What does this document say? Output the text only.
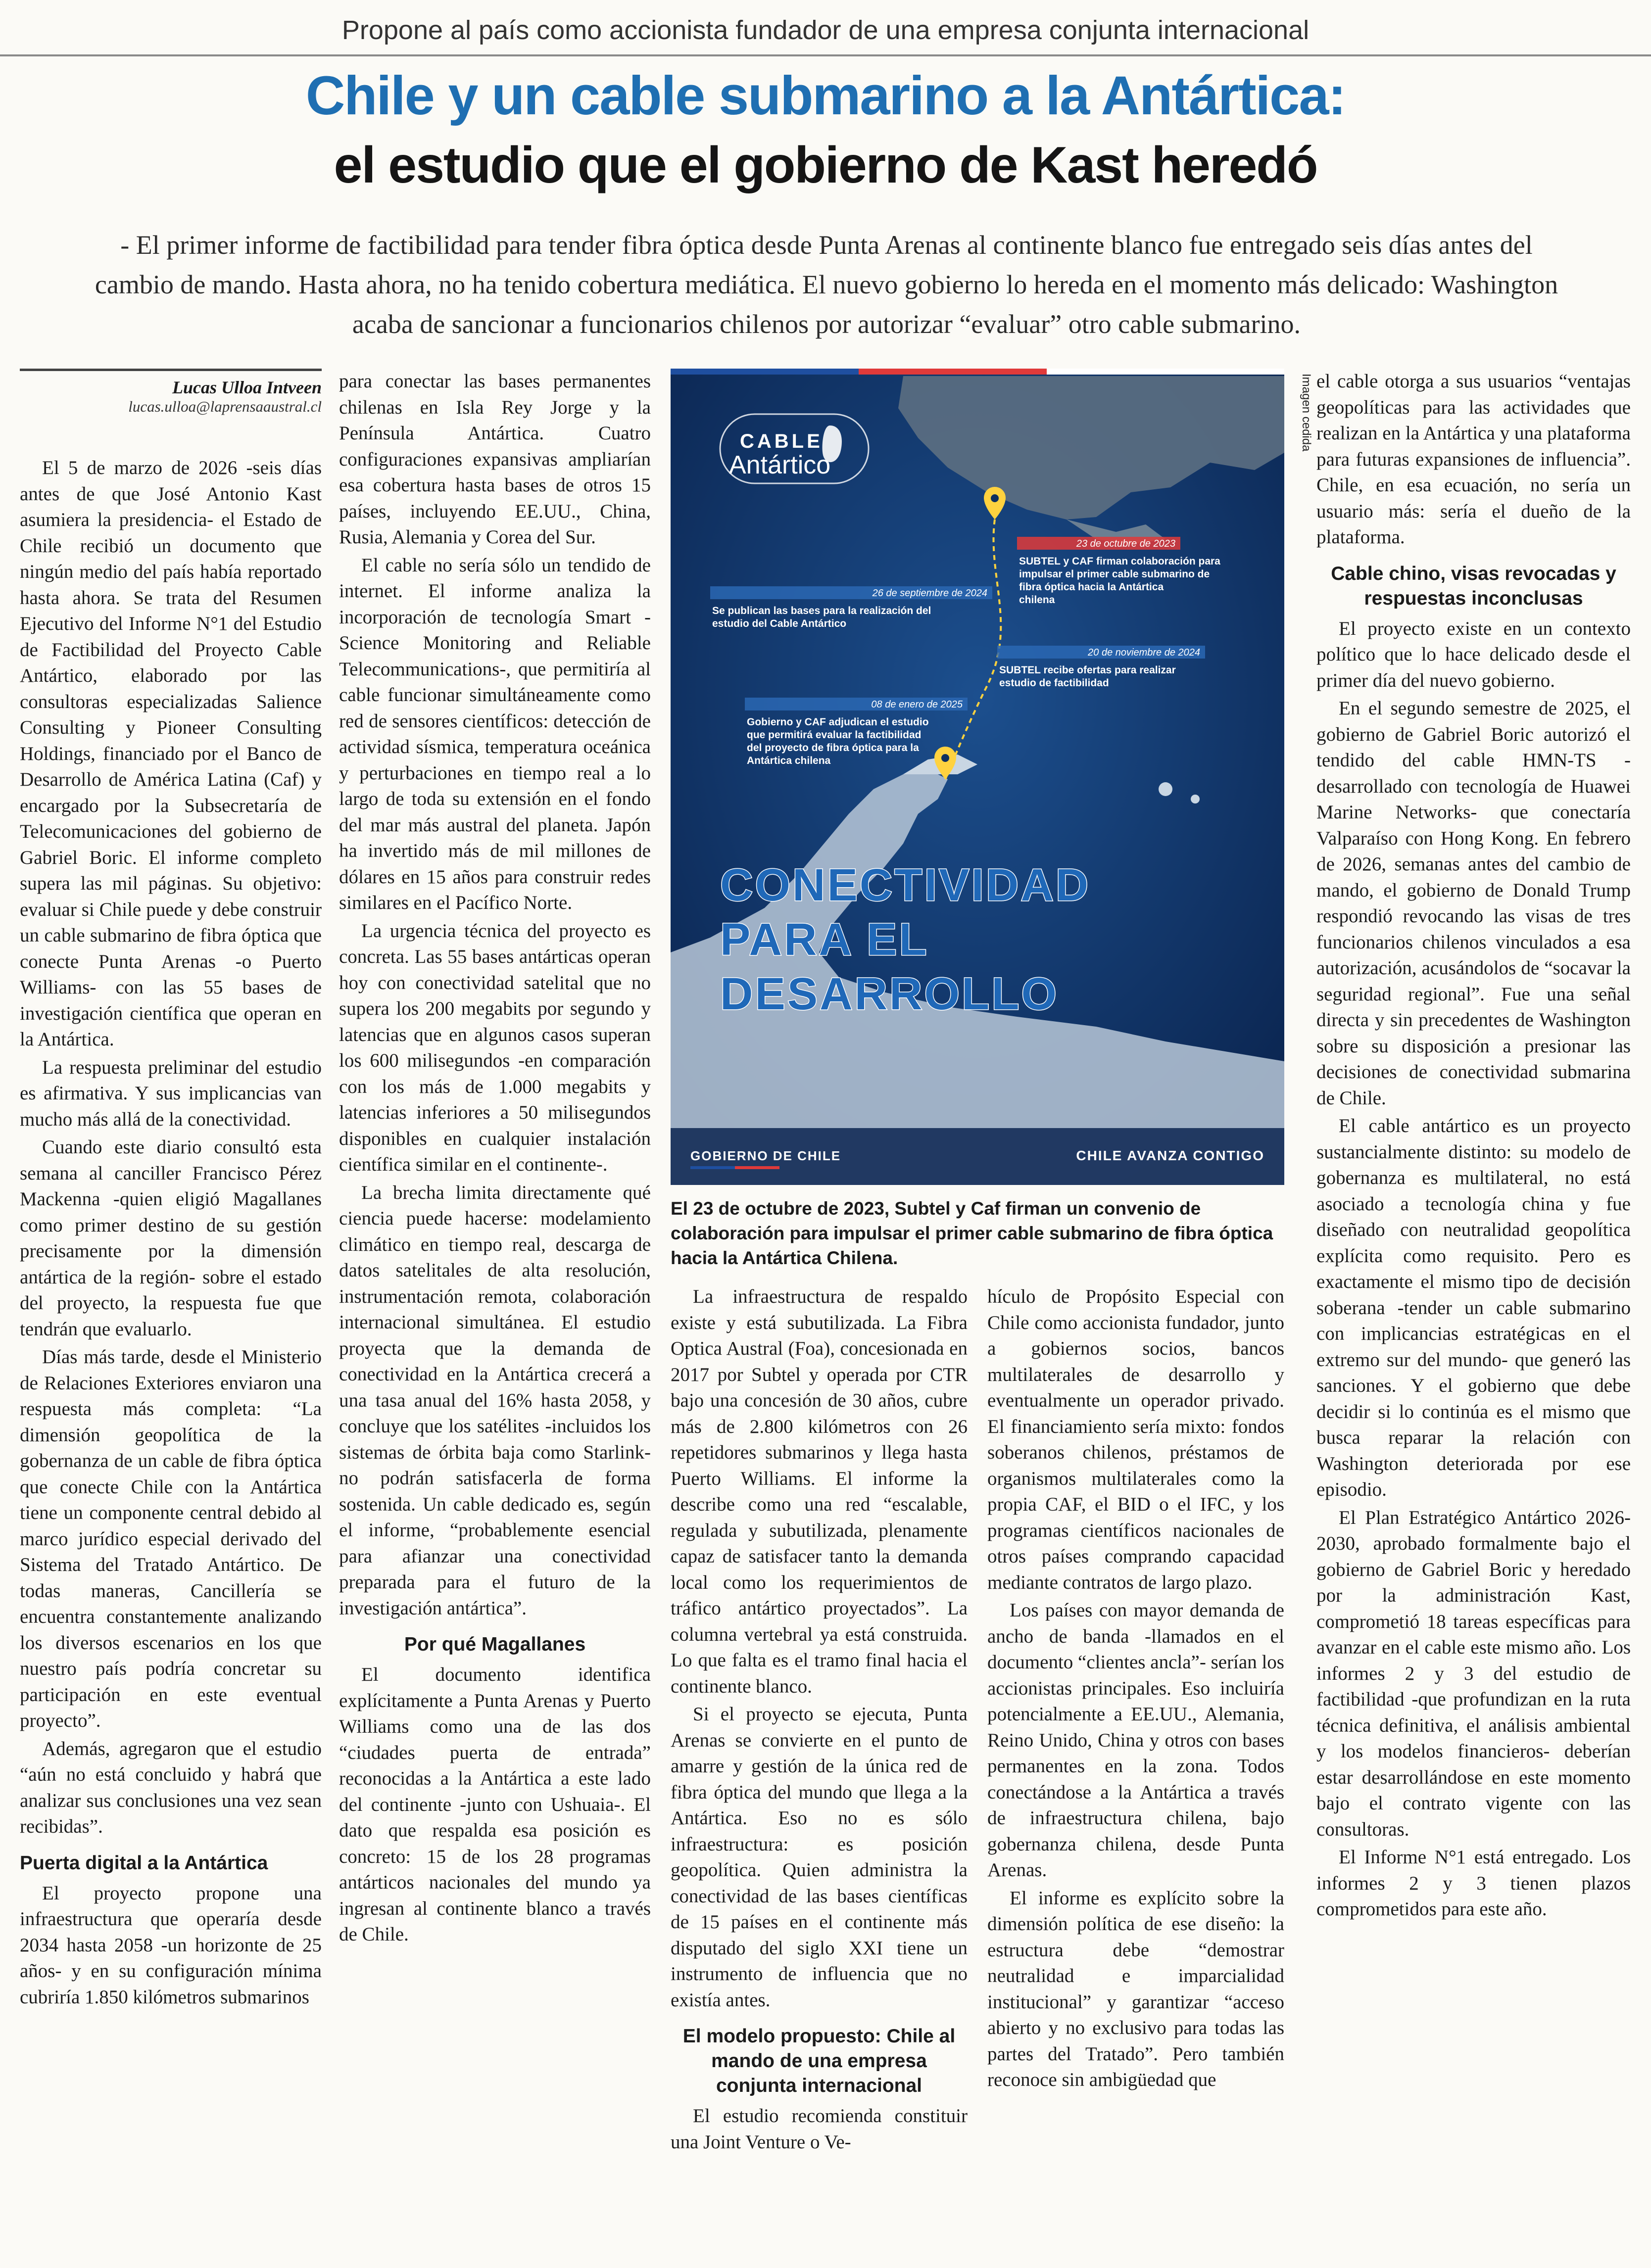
Propone al país como accionista fundador de una empresa conjunta internacional
Chile y un cable submarino a la Antártica:
el estudio que el gobierno de Kast heredó
- El primer informe de factibilidad para tender fibra óptica desde Punta Arenas al continente blanco fue entregado seis días antes del cambio de mando. Hasta ahora, no ha tenido cobertura mediática. El nuevo gobierno lo hereda en el momento más delicado: Washington acaba de sancionar a funcionarios chilenos por autorizar “evaluar” otro cable submarino.
Lucas Ulloa Intveen
lucas.ulloa@laprensaaustral.cl

El 5 de marzo de 2026 -seis días antes de que José Antonio Kast asumiera la presidencia- el Estado de Chile recibió un documento que ningún medio del país había reportado hasta ahora. Se trata del Resumen Ejecutivo del Informe N°1 del Estudio de Factibilidad del Proyecto Cable Antártico, elaborado por las consultoras especializadas Salience Consulting y Pioneer Consulting Holdings, financiado por el Banco de Desarrollo de América Latina (Caf) y encargado por la Subsecretaría de Telecomunicaciones del gobierno de Gabriel Boric. El informe completo supera las mil páginas. Su objetivo: evaluar si Chile puede y debe construir un cable submarino de fibra óptica que conecte Punta Arenas -o Puerto Williams- con las 55 bases de investigación científica que operan en la Antártica.

La respuesta preliminar del estudio es afirmativa. Y sus implicancias van mucho más allá de la conectividad.

Cuando este diario consultó esta semana al canciller Francisco Pérez Mackenna -quien eligió Magallanes como primer destino de su gestión precisamente por la dimensión antártica de la región- sobre el estado del proyecto, la respuesta fue que tendrán que evaluarlo.

Días más tarde, desde el Ministerio de Relaciones Exteriores enviaron una respuesta más completa: “La dimensión geopolítica de la gobernanza de un cable de fibra óptica que conecte Chile con la Antártica tiene un componente central debido al marco jurídico especial derivado del Sistema del Tratado Antártico. De todas maneras, Cancillería se encuentra constantemente analizando los diversos escenarios en los que nuestro país podría concretar su participación en este eventual proyecto”.

Además, agregaron que el estudio “aún no está concluido y habrá que analizar sus conclusiones una vez sean recibidas”.

Puerta digital a la Antártica

El proyecto propone una infraestructura que operaría desde 2034 hasta 2058 -un horizonte de 25 años- y en su configuración mínima cubriría 1.850 kilómetros submarinos

para conectar las bases permanentes chilenas en Isla Rey Jorge y la Península Antártica. Cuatro configuraciones expansivas ampliarían esa cobertura hasta bases de otros 15 países, incluyendo EE.UU., China, Rusia, Alemania y Corea del Sur.

El cable no sería sólo un tendido de internet. El informe analiza la incorporación de tecnología Smart -Science Monitoring and Reliable Telecommunications-, que permitiría al cable funcionar simultáneamente como red de sensores científicos: detección de actividad sísmica, temperatura oceánica y perturbaciones en tiempo real a lo largo de toda su extensión en el fondo del mar más austral del planeta. Japón ha invertido más de mil millones de dólares en 15 años para construir redes similares en el Pacífico Norte.

La urgencia técnica del proyecto es concreta. Las 55 bases antárticas operan hoy con conectividad satelital que no supera los 200 megabits por segundo y latencias que en algunos casos superan los 600 milisegundos -en comparación con los más de 1.000 megabits y latencias inferiores a 50 milisegundos disponibles en cualquier instalación científica similar en el continente-.

La brecha limita directamente qué ciencia puede hacerse: modelamiento climático en tiempo real, descarga de datos satelitales de alta resolución, instrumentación remota, colaboración internacional simultánea. El estudio proyecta que la demanda de conectividad en la Antártica crecerá a una tasa anual del 16% hasta 2058, y concluye que los satélites -incluidos los sistemas de órbita baja como Starlink- no podrán satisfacerla de forma sostenida. Un cable dedicado es, según el informe, “probablemente esencial para afianzar una conectividad preparada para el futuro de la investigación antártica”.

Por qué Magallanes

El documento identifica explícitamente a Punta Arenas y Puerto Williams como una de las dos “ciudades puerta de entrada” reconocidas a la Antártica a este lado del continente -junto con Ushuaia-. El dato que respalda esa posición es concreto: 15 de los 28 programas antárticos nacionales del mundo ya ingresan al continente blanco a través de Chile.

CABLE
Antártico
23 de octubre de 2023
SUBTEL y CAF firman colaboración para
impulsar el primer cable submarino de
fibra óptica hacia la Antártica
chilena
26 de septiembre de 2024
Se publican las bases para la realización del
estudio del Cable Antártico
20 de noviembre de 2024
SUBTEL recibe ofertas para realizar
estudio de factibilidad
08 de enero de 2025
Gobierno y CAF adjudican el estudio
que permitirá evaluar la factibilidad
del proyecto de fibra óptica para la
Antártica chilena
CONECTIVIDAD
PARA EL
DESARROLLO
GOBIERNO DE CHILE	CHILE AVANZA CONTIGO
Imagen cedida
El 23 de octubre de 2023, Subtel y Caf firman un convenio de colaboración para impulsar el primer cable submarino de fibra óptica hacia la Antártica Chilena.

La infraestructura de respaldo existe y está subutilizada. La Fibra Optica Austral (Foa), concesionada en 2017 por Subtel y operada por CTR bajo una concesión de 30 años, cubre más de 2.800 kilómetros con 26 repetidores submarinos y llega hasta Puerto Williams. El informe la describe como una red “escalable, regulada y subutilizada, plenamente capaz de satisfacer tanto la demanda local como los requerimientos de tráfico antártico proyectados”. La columna vertebral ya está construida. Lo que falta es el tramo final hacia el continente blanco.

Si el proyecto se ejecuta, Punta Arenas se convierte en el punto de amarre y gestión de la única red de fibra óptica del mundo que llega a la Antártica. Eso no es sólo infraestructura: es posición geopolítica. Quien administra la conectividad de las bases científicas de 15 países en el continente más disputado del siglo XXI tiene un instrumento de influencia que no existía antes.

El modelo propuesto: Chile al mando de una empresa conjunta internacional

El estudio recomienda constituir una Joint Venture o Ve-

hículo de Propósito Especial con Chile como accionista fundador, junto a gobiernos socios, bancos multilaterales de desarrollo y eventualmente un operador privado. El financiamiento sería mixto: fondos soberanos chilenos, préstamos de organismos multilaterales como la propia CAF, el BID o el IFC, y los programas científicos nacionales de otros países comprando capacidad mediante contratos de largo plazo.

Los países con mayor demanda de ancho de banda -llamados en el documento “clientes ancla”- serían los accionistas principales. Eso incluiría potencialmente a EE.UU., Alemania, Reino Unido, China y otros con bases permanentes en la zona. Todos conectándose a la Antártica a través de infraestructura chilena, bajo gobernanza chilena, desde Punta Arenas.

El informe es explícito sobre la dimensión política de ese diseño: la estructura debe “demostrar neutralidad e imparcialidad institucional” y garantizar “acceso abierto y no exclusivo para todas las partes del Tratado”. Pero también reconoce sin ambigüedad que

el cable otorga a sus usuarios “ventajas geopolíticas para las actividades que realizan en la Antártica y una plataforma para futuras expansiones de influencia”. Chile, en esa ecuación, no sería un usuario más: sería el dueño de la plataforma.

Cable chino, visas revocadas y respuestas inconclusas

El proyecto existe en un contexto político que lo hace delicado desde el primer día del nuevo gobierno.

En el segundo semestre de 2025, el gobierno de Gabriel Boric autorizó el tendido del cable HMN-TS -desarrollado con tecnología de Huawei Marine Networks- que conectaría Valparaíso con Hong Kong. En febrero de 2026, semanas antes del cambio de mando, el gobierno de Donald Trump respondió revocando las visas de tres funcionarios chilenos vinculados a esa autorización, acusándolos de “socavar la seguridad regional”. Fue una señal directa y sin precedentes de Washington sobre su disposición a presionar las decisiones de conectividad submarina de Chile.

El cable antártico es un proyecto sustancialmente distinto: su modelo de gobernanza es multilateral, no está asociado a tecnología china y fue diseñado con neutralidad geopolítica explícita como requisito. Pero es exactamente el mismo tipo de decisión soberana -tender un cable submarino con implicancias estratégicas en el extremo sur del mundo- que generó las sanciones. Y el gobierno que debe decidir si lo continúa es el mismo que busca reparar la relación con Washington deteriorada por ese episodio.

El Plan Estratégico Antártico 2026-2030, aprobado formalmente bajo el gobierno de Gabriel Boric y heredado por la administración Kast, comprometió 18 tareas específicas para avanzar en el cable este mismo año. Los informes 2 y 3 del estudio de factibilidad -que profundizan en la ruta técnica definitiva, el análisis ambiental y los modelos financieros- deberían estar desarrollándose en este momento bajo el contrato vigente con las consultoras.

El Informe N°1 está entregado. Los informes 2 y 3 tienen plazos comprometidos para este año.
